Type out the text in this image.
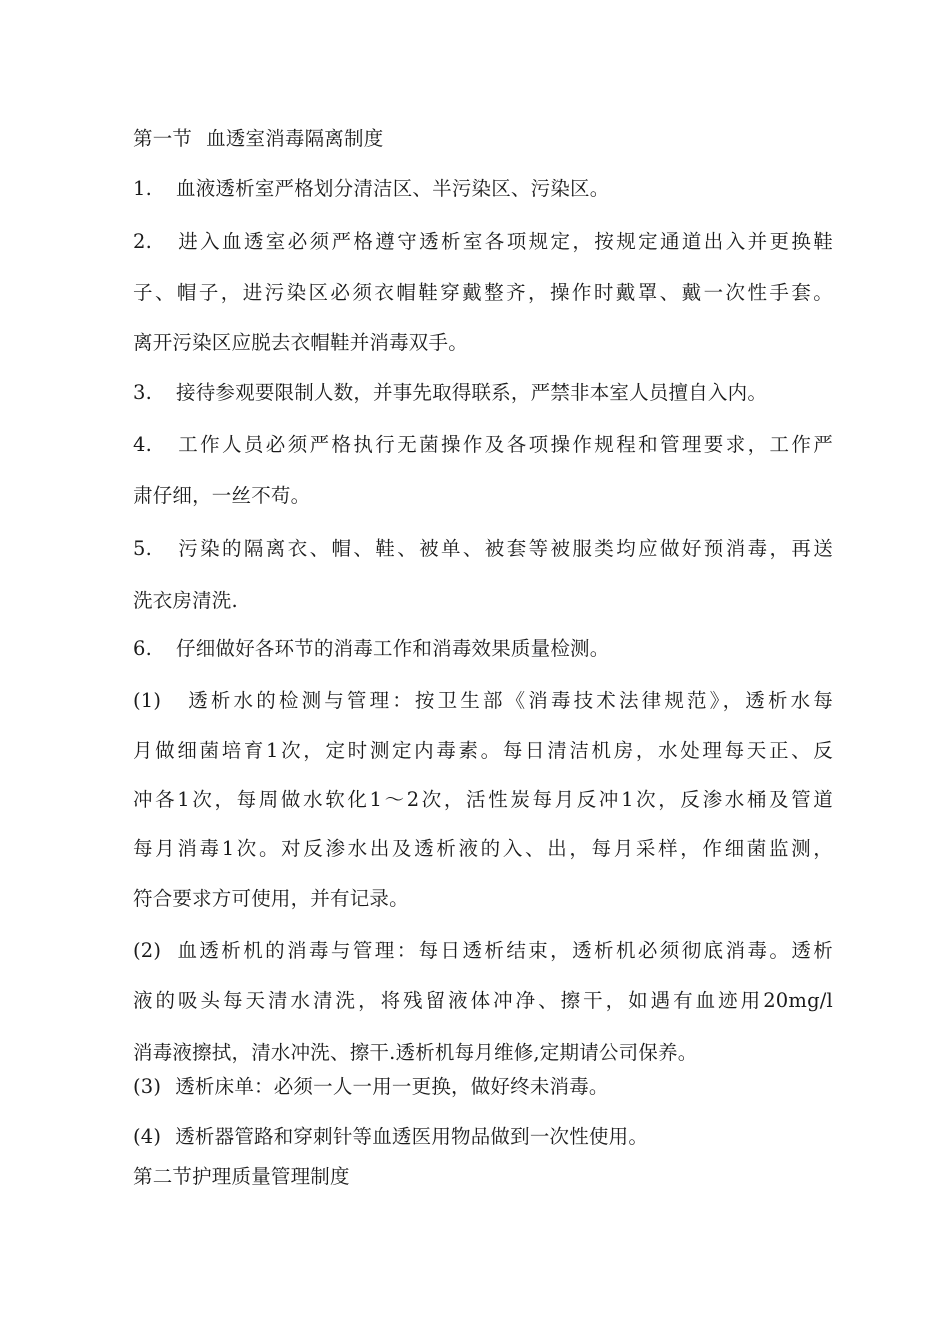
第一节 血透室消毒隔离制度
1. 血液透析室严格划分清洁区、半污染区、污染区。
2. 进入血透室必须严格遵守透析室各项规定，按规定通道出入并更换鞋
子、帽子，进污染区必须衣帽鞋穿戴整齐，操作时戴罩、戴一次性手套。
离开污染区应脱去衣帽鞋并消毒双手。
3. 接待参观要限制人数，并事先取得联系，严禁非本室人员擅自入内。
4. 工作人员必须严格执行无菌操作及各项操作规程和管理要求，工作严
肃仔细，一丝不苟。
5. 污染的隔离衣、帽、鞋、被单、被套等被服类均应做好预消毒，再送
洗衣房清洗.
6. 仔细做好各环节的消毒工作和消毒效果质量检测。
(1) 透析水的检测与管理：按卫生部《消毒技术法律规范》，透析水每
月做细菌培育1次，定时测定内毒素。每日清洁机房，水处理每天正、反
冲各1次，每周做水软化1〜2次，活性炭每月反冲1次，反渗水桶及管道
每月消毒1次。对反渗水出及透析液的入、出，每月采样，作细菌监测，
符合要求方可使用，并有记录。
(2) 血透析机的消毒与管理：每日透析结束，透析机必须彻底消毒。透析
液的吸头每天清水清洗，将残留液体冲净、擦干，如遇有血迹用20mg/l
消毒液擦拭，清水冲洗、擦干.透析机每月维修,定期请公司保养。
(3) 透析床单：必须一人一用一更换，做好终未消毒。
(4) 透析器管路和穿刺针等血透医用物品做到一次性使用。
第二节护理质量管理制度
